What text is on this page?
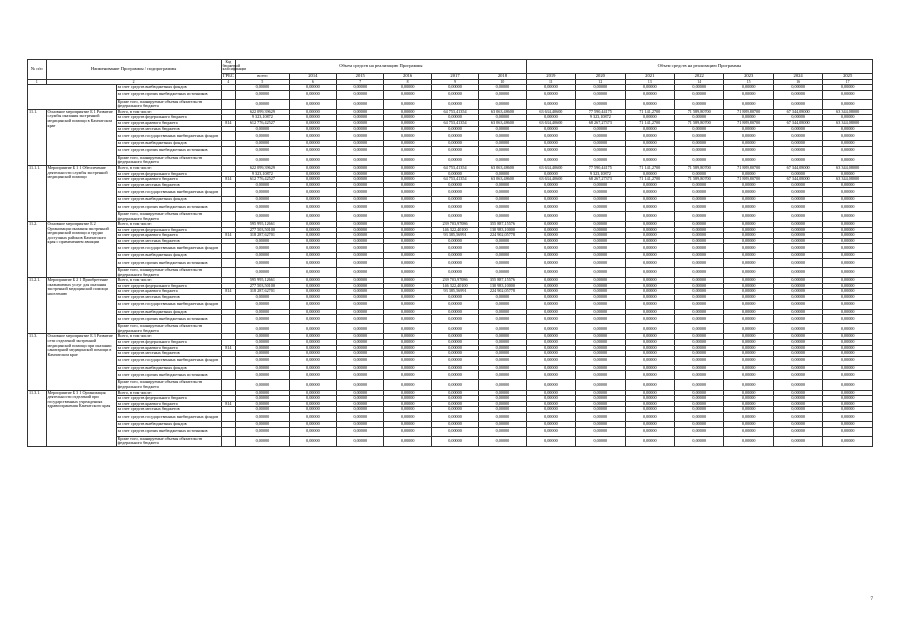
№ п/п	Наименование Программы / подпрограммы		Код бюджетной классификации	Объем средств на реализацию Программы						Объем средств на реализацию Программы						
			ГРБС	всего	2014	2015	2016	2017	2018	2019	2020	2021	2022	2023	2024	2025
1	2		4	5	6	7	8	9	10	11	12	13	14	15	16	17
		за счет средств внебюджетных фондов		0,00000	0,00000	0,00000	0,00000	0,00000	0,00000	0,00000	0,00000	0,00000	0,00000	0,00000	0,00000	0,00000
		за счет средств прочих внебюджетных источников		0,00000	0,00000	0,00000	0,00000	0,00000	0,00000	0,00000	0,00000	0,00000	0,00000	0,00000	0,00000	0,00000
		Кроме того, планируемые объемы обязательств федерального бюджета		0,00000	0,00000	0,00000	0,00000	0,00000	0,00000	0,00000	0,00000	0,00000	0,00000	0,00000	0,00000	0,00000
11.1.	Основное мероприятие Б 1 Развитие службы оказания экстренной медицинской помощи в Камчатском крае	Всего, в том числе:		622 099,39629	0,00000	0,00000	0,00000	64 753,41354	63 063,48600	63 634,40600	77 590,44175	71 141,2700	71 589,80700	71 889,80700	67 344,08000	63 344,08000
		за счет средств федерального бюджета		9 323,10872	0,00000	0,00000	0,00000	0,00000	0,00000	0,00000	9 323,10872	0,00000	0,00000	0,00000	0,00000	0,00000
		за счет средств краевого бюджета	814	612 776,42527	0,00000	0,00000	0,00000	64 753,41354	63 063,48600	63 634,40600	68 267,27373	71 141,2700	71 589,80700	71 889,80700	67 344,08000	63 344,08000
		за счет средств местных бюджетов		0,00000	0,00000	0,00000	0,00000	0,00000	0,00000	0,00000	0,00000	0,00000	0,00000	0,00000	0,00000	0,00000
		за счет средств государственных внебюджетных фондов		0,00000	0,00000	0,00000	0,00000	0,00000	0,00000	0,00000	0,00000	0,00000	0,00000	0,00000	0,00000	0,00000
		за счет средств внебюджетных фондов		0,00000	0,00000	0,00000	0,00000	0,00000	0,00000	0,00000	0,00000	0,00000	0,00000	0,00000	0,00000	0,00000
		за счет средств прочих внебюджетных источников		0,00000	0,00000	0,00000	0,00000	0,00000	0,00000	0,00000	0,00000	0,00000	0,00000	0,00000	0,00000	0,00000
		Кроме того, планируемые объемы обязательств федерального бюджета		0,00000	0,00000	0,00000	0,00000	0,00000	0,00000	0,00000	0,00000	0,00000	0,00000	0,00000	0,00000	0,00000
11.1.1.	Мероприятие Б 1 1 Обеспечение деятельности службы экстренной медицинской помощи	Всего, в том числе:		622 099,39629	0,00000	0,00000	0,00000	64 753,41354	63 063,48600	63 634,40600	77 590,44175	71 141,2700	71 589,80700	71 889,80700	67 344,08000	63 344,08000
		за счет средств федерального бюджета		9 323,10872	0,00000	0,00000	0,00000	0,00000	0,00000	0,00000	9 323,10872	0,00000	0,00000	0,00000	0,00000	0,00000
		за счет средств краевого бюджета	814	612 776,42527	0,00000	0,00000	0,00000	64 753,41354	63 063,48600	63 634,40600	68 267,27373	71 141,2700	71 589,80700	71 889,80700	67 344,08000	63 344,08000
		за счет средств местных бюджетов		0,00000	0,00000	0,00000	0,00000	0,00000	0,00000	0,00000	0,00000	0,00000	0,00000	0,00000	0,00000	0,00000
		за счет средств государственных внебюджетных фондов		0,00000	0,00000	0,00000	0,00000	0,00000	0,00000	0,00000	0,00000	0,00000	0,00000	0,00000	0,00000	0,00000
		за счет средств внебюджетных фондов		0,00000	0,00000	0,00000	0,00000	0,00000	0,00000	0,00000	0,00000	0,00000	0,00000	0,00000	0,00000	0,00000
		за счет средств прочих внебюджетных источников		0,00000	0,00000	0,00000	0,00000	0,00000	0,00000	0,00000	0,00000	0,00000	0,00000	0,00000	0,00000	0,00000
		Кроме того, планируемые объемы обязательств федерального бюджета		0,00000	0,00000	0,00000	0,00000	0,00000	0,00000	0,00000	0,00000	0,00000	0,00000	0,00000	0,00000	0,00000
11.2.	Основное мероприятие Б 2 Организация оказания экстренной медицинской помощи и трудно доступных районов Камчатского края с применением авиации	Всего, в том числе:		595 995,12661	0,00000	0,00000	0,00000	239 703,97086	355 887,15576	0,00000	0,00000	0,00000	0,00000	0,00000	0,00000	0,00000
		за счет средств федерального бюджета		277 503,50100	0,00000	0,00000	0,00000	146 322,40100	130 983,10000	0,00000	0,00000	0,00000	0,00000	0,00000	0,00000	0,00000
		за счет средств краевого бюджета	814	318 287,62701	0,00000	0,00000	0,00000	93 385,56991	224 902,05778	0,00000	0,00000	0,00000	0,00000	0,00000	0,00000	0,00000
		за счет средств местных бюджетов		0,00000	0,00000	0,00000	0,00000	0,00000	0,00000	0,00000	0,00000	0,00000	0,00000	0,00000	0,00000	0,00000
		за счет средств государственных внебюджетных фондов		0,00000	0,00000	0,00000	0,00000	0,00000	0,00000	0,00000	0,00000	0,00000	0,00000	0,00000	0,00000	0,00000
		за счет средств внебюджетных фондов		0,00000	0,00000	0,00000	0,00000	0,00000	0,00000	0,00000	0,00000	0,00000	0,00000	0,00000	0,00000	0,00000
		за счет средств прочих внебюджетных источников		0,00000	0,00000	0,00000	0,00000	0,00000	0,00000	0,00000	0,00000	0,00000	0,00000	0,00000	0,00000	0,00000
		Кроме того, планируемые объемы обязательств федерального бюджета		0,00000	0,00000	0,00000	0,00000	0,00000	0,00000	0,00000	0,00000	0,00000	0,00000	0,00000	0,00000	0,00000
11.2.1.	Мероприятие Б 2 1 Приобретение оказываемых услуг для оказания экстренной медицинской помощи населению	Всего, в том числе:		595 995,12661	0,00000	0,00000	0,00000	239 703,97086	355 887,15576	0,00000	0,00000	0,00000	0,00000	0,00000	0,00000	0,00000
		за счет средств федерального бюджета		277 503,50100	0,00000	0,00000	0,00000	146 322,40100	130 983,10000	0,00000	0,00000	0,00000	0,00000	0,00000	0,00000	0,00000
		за счет средств краевого бюджета	814	318 287,62701	0,00000	0,00000	0,00000	93 385,56991	224 902,05778	0,00000	0,00000	0,00000	0,00000	0,00000	0,00000	0,00000
		за счет средств местных бюджетов		0,00000	0,00000	0,00000	0,00000	0,00000	0,00000	0,00000	0,00000	0,00000	0,00000	0,00000	0,00000	0,00000
		за счет средств государственных внебюджетных фондов		0,00000	0,00000	0,00000	0,00000	0,00000	0,00000	0,00000	0,00000	0,00000	0,00000	0,00000	0,00000	0,00000
		за счет средств внебюджетных фондов		0,00000	0,00000	0,00000	0,00000	0,00000	0,00000	0,00000	0,00000	0,00000	0,00000	0,00000	0,00000	0,00000
		за счет средств прочих внебюджетных источников		0,00000	0,00000	0,00000	0,00000	0,00000	0,00000	0,00000	0,00000	0,00000	0,00000	0,00000	0,00000	0,00000
		Кроме того, планируемые объемы обязательств федерального бюджета		0,00000	0,00000	0,00000	0,00000	0,00000	0,00000	0,00000	0,00000	0,00000	0,00000	0,00000	0,00000	0,00000
11.3.	Основное мероприятие Б 3 Развитие сети отделений экстренной медицинской помощи при оказании санитарной медицинской помощи в Камчатском крае	Всего, в том числе:		0,00000	0,00000	0,00000	0,00000	0,00000	0,00000	0,00000	0,00000	0,00000	0,00000	0,00000	0,00000	0,00000
		за счет средств федерального бюджета		0,00000	0,00000	0,00000	0,00000	0,00000	0,00000	0,00000	0,00000	0,00000	0,00000	0,00000	0,00000	0,00000
		за счет средств краевого бюджета	814	0,00000	0,00000	0,00000	0,00000	0,00000	0,00000	0,00000	0,00000	0,00000	0,00000	0,00000	0,00000	0,00000
		за счет средств местных бюджетов		0,00000	0,00000	0,00000	0,00000	0,00000	0,00000	0,00000	0,00000	0,00000	0,00000	0,00000	0,00000	0,00000
		за счет средств государственных внебюджетных фондов		0,00000	0,00000	0,00000	0,00000	0,00000	0,00000	0,00000	0,00000	0,00000	0,00000	0,00000	0,00000	0,00000
		за счет средств внебюджетных фондов		0,00000	0,00000	0,00000	0,00000	0,00000	0,00000	0,00000	0,00000	0,00000	0,00000	0,00000	0,00000	0,00000
		за счет средств прочих внебюджетных источников		0,00000	0,00000	0,00000	0,00000	0,00000	0,00000	0,00000	0,00000	0,00000	0,00000	0,00000	0,00000	0,00000
		Кроме того, планируемые объемы обязательств федерального бюджета		0,00000	0,00000	0,00000	0,00000	0,00000	0,00000	0,00000	0,00000	0,00000	0,00000	0,00000	0,00000	0,00000
11.3.1.	Мероприятие Б 3 1 Организация деятельности отделений при государственных учреждениях здравоохранения Камчатского края	Всего, в том числе:		0,00000	0,00000	0,00000	0,00000	0,00000	0,00000	0,00000	0,00000	0,00000	0,00000	0,00000	0,00000	0,00000
		за счет средств федерального бюджета		0,00000	0,00000	0,00000	0,00000	0,00000	0,00000	0,00000	0,00000	0,00000	0,00000	0,00000	0,00000	0,00000
		за счет средств краевого бюджета	814	0,00000	0,00000	0,00000	0,00000	0,00000	0,00000	0,00000	0,00000	0,00000	0,00000	0,00000	0,00000	0,00000
		за счет средств местных бюджетов		0,00000	0,00000	0,00000	0,00000	0,00000	0,00000	0,00000	0,00000	0,00000	0,00000	0,00000	0,00000	0,00000
		за счет средств государственных внебюджетных фондов		0,00000	0,00000	0,00000	0,00000	0,00000	0,00000	0,00000	0,00000	0,00000	0,00000	0,00000	0,00000	0,00000
		за счет средств внебюджетных фондов		0,00000	0,00000	0,00000	0,00000	0,00000	0,00000	0,00000	0,00000	0,00000	0,00000	0,00000	0,00000	0,00000
		за счет средств прочих внебюджетных источников		0,00000	0,00000	0,00000	0,00000	0,00000	0,00000	0,00000	0,00000	0,00000	0,00000	0,00000	0,00000	0,00000
		Кроме того, планируемые объемы обязательств федерального бюджета		0,00000	0,00000	0,00000	0,00000	0,00000	0,00000	0,00000	0,00000	0,00000	0,00000	0,00000	0,00000	0,00000
7
